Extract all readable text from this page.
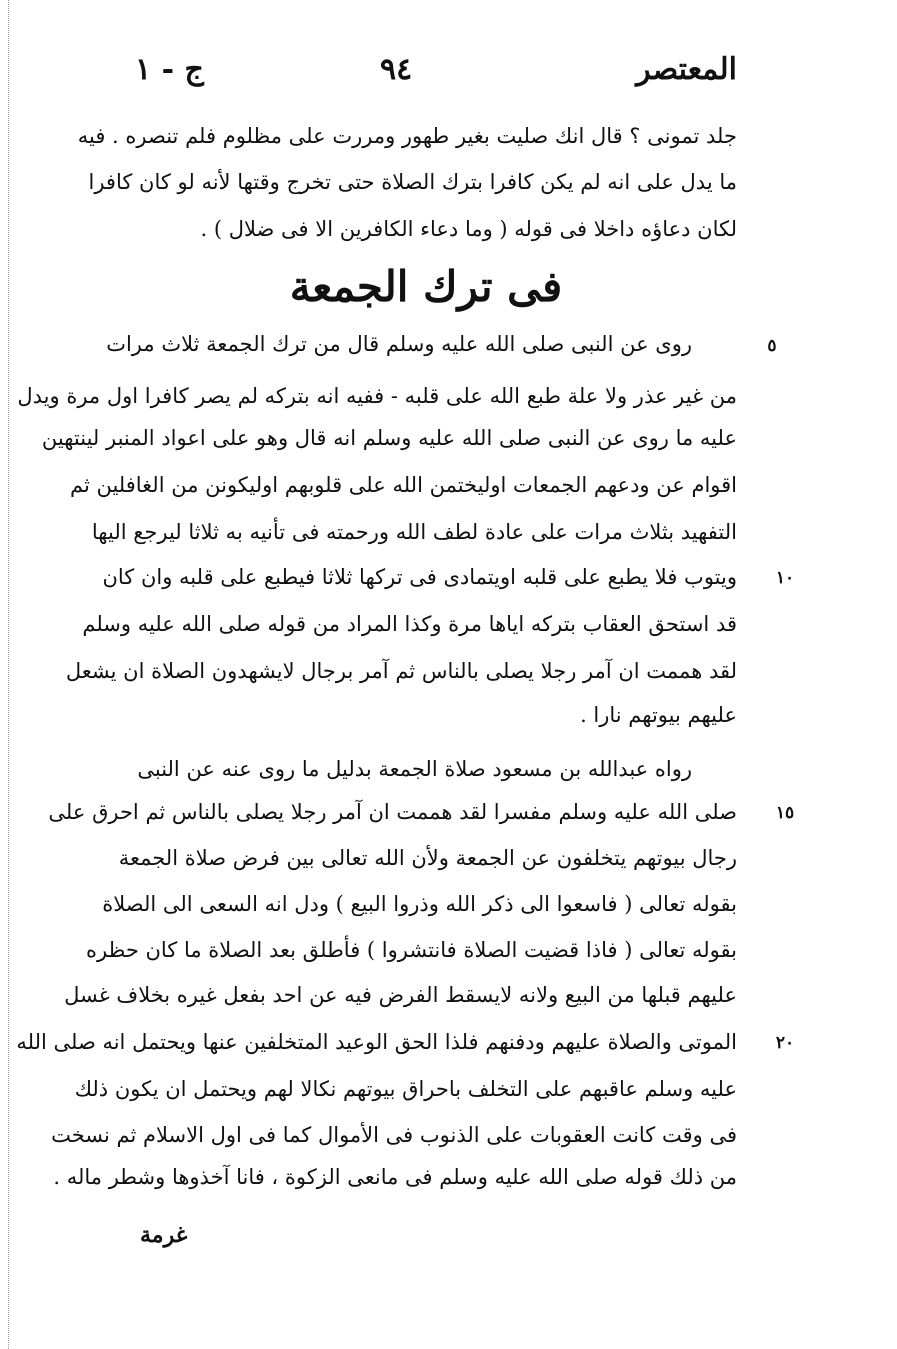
المعتصر
٩٤
ج - ١
جلد تمونى ؟ قال انك صليت بغير طهور ومررت على مظلوم فلم تنصره . فيه
ما يدل على انه لم يكن كافرا بترك الصلاة حتى تخرج وقتها لأنه لو كان كافرا
لكان دعاؤه داخلا فى قوله ( وما دعاء الكافرين الا فى ضلال ) .
فى ترك الجمعة
روى عن النبى صلى الله عليه وسلم قال من ترك الجمعة ثلاث مرات
من غير عذر ولا علة طبع الله على قلبه - ففيه انه بتركه لم يصر كافرا اول مرة ويدل
عليه ما روى عن النبى صلى الله عليه وسلم انه قال وهو على اعواد المنبر لينتهين
اقوام عن ودعهم الجمعات اوليختمن الله على قلوبهم اوليكونن من الغافلين ثم
التفهيد بثلاث مرات على عادة لطف الله ورحمته فى تأنيه به ثلاثا ليرجع اليها
ويتوب فلا يطبع على قلبه اويتمادى فى تركها ثلاثا فيطبع على قلبه وان كان
قد استحق العقاب بتركه اياها مرة وكذا المراد من قوله صلى الله عليه وسلم
لقد هممت ان آمر رجلا يصلى بالناس ثم آمر برجال لايشهدون الصلاة ان يشعل
عليهم بيوتهم نارا .
رواه عبدالله بن مسعود صلاة الجمعة بدليل ما روى عنه عن النبى
صلى الله عليه وسلم مفسرا لقد هممت ان آمر رجلا يصلى بالناس ثم احرق على
رجال بيوتهم يتخلفون عن الجمعة ولأن الله تعالى بين فرض صلاة الجمعة
بقوله تعالى ( فاسعوا الى ذكر الله وذروا البيع ) ودل انه السعى الى الصلاة
بقوله تعالى ( فاذا قضيت الصلاة فانتشروا ) فأطلق بعد الصلاة ما كان حظره
عليهم قبلها من البيع ولانه لايسقط الفرض فيه عن احد بفعل غيره بخلاف غسل
الموتى والصلاة عليهم ودفنهم فلذا الحق الوعيد المتخلفين عنها ويحتمل انه صلى الله
عليه وسلم عاقبهم على التخلف باحراق بيوتهم نكالا لهم ويحتمل ان يكون ذلك
فى وقت كانت العقوبات على الذنوب فى الأموال كما فى اول الاسلام ثم نسخت
من ذلك قوله صلى الله عليه وسلم فى مانعى الزكوة ، فانا آخذوها وشطر ماله .
٥
١٠
١٥
٢٠
غرمة
